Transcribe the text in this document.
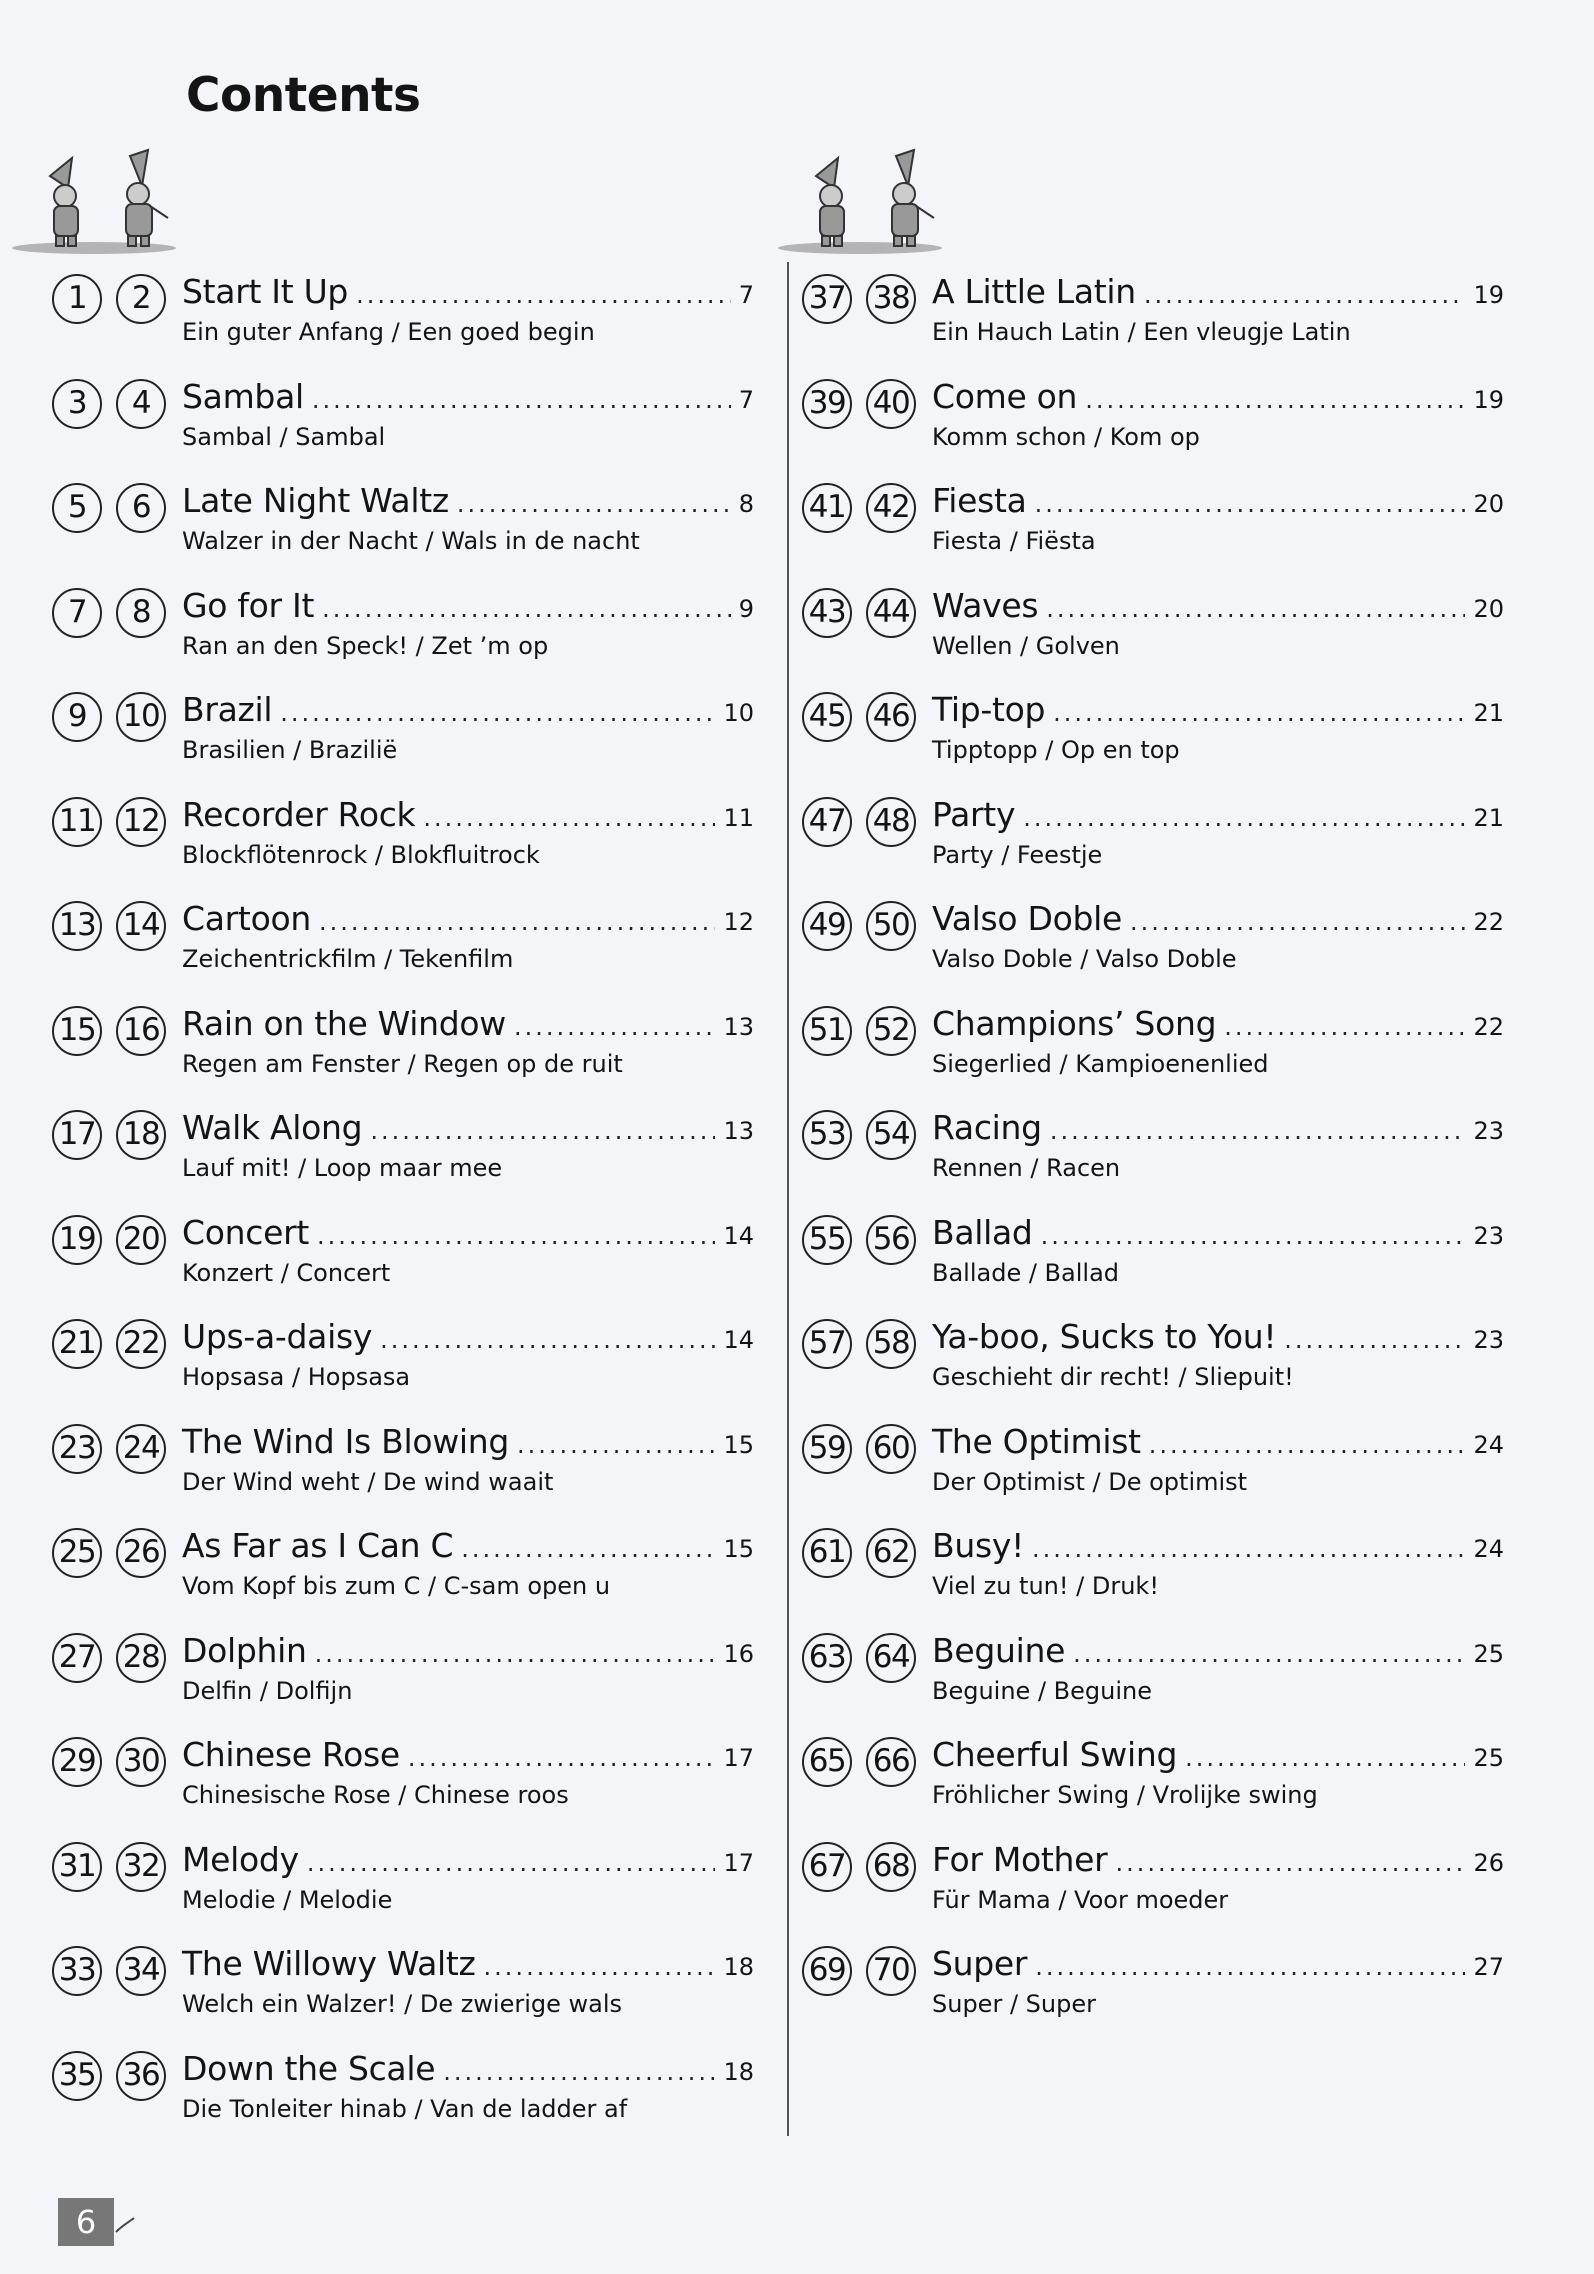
Contents
1	2 Start It Up .....	7
Ein guter Anfang / Een goed begin
3	4 Sambal .....	7
Sambal / Sambal
5	6 Late Night Waltz .....	8
Walzer in der Nacht / Wals in de nacht
7	8 Go for It .....	9
Ran an den Speck! / Zet ’m op
9	10 Brazil .....	10
Brasilien / Brazilië
11 12 Recorder Rock .....	11
Blockflötenrock / Blokfluitrock
13 14 Cartoon .....	12
Zeichentrickfilm / Tekenfilm
15 16 Rain on the Window .....	13
Regen am Fenster / Regen op de ruit
17 18 Walk Along .....	13
Lauf mit! / Loop maar mee
19 20 Concert .....	14
Konzert / Concert
21 22 Ups-a-daisy .....	14
Hopsasa / Hopsasa
23 24 The Wind Is Blowing .....	15
Der Wind weht / De wind waait
25 26 As Far as I Can C .....	15
Vom Kopf bis zum C / C-sam open u
27 28 Dolphin .....	16
Delfin / Dolfijn
29 30 Chinese Rose .....	17
Chinesische Rose / Chinese roos
31 32 Melody .....	17
Melodie / Melodie
33 34 The Willowy Waltz .....	18
Welch ein Walzer! / De zwierige wals
35 36 Down the Scale .....	18
Die Tonleiter hinab / Van de ladder af
37 38 A Little Latin .....	19
Ein Hauch Latin / Een vleugje Latin
39 40 Come on .....	19
Komm schon / Kom op
41 42 Fiesta .....	20
Fiesta / Fiësta
43 44 Waves .....	20
Wellen / Golven
45 46 Tip-top .....	21
Tipptopp / Op en top
47 48 Party .....	21
Party / Feestje
49 50 Valso Doble .....	22
Valso Doble / Valso Doble
51 52 Champions’ Song .....	22
Siegerlied / Kampioenenlied
53 54 Racing .....	23
Rennen / Racen
55 56 Ballad .....	23
Ballade / Ballad
57 58 Ya-boo, Sucks to You! .....	23
Geschieht dir recht! / Sliepuit!
59 60 The Optimist .....	24
Der Optimist / De optimist
61 62 Busy! .....	24
Viel zu tun! / Druk!
63 64 Beguine .....	25
Beguine / Beguine
65 66 Cheerful Swing .....	25
Fröhlicher Swing / Vrolijke swing
67 68 For Mother .....	26
Für Mama / Voor moeder
69 70 Super .....	27
Super / Super
6
